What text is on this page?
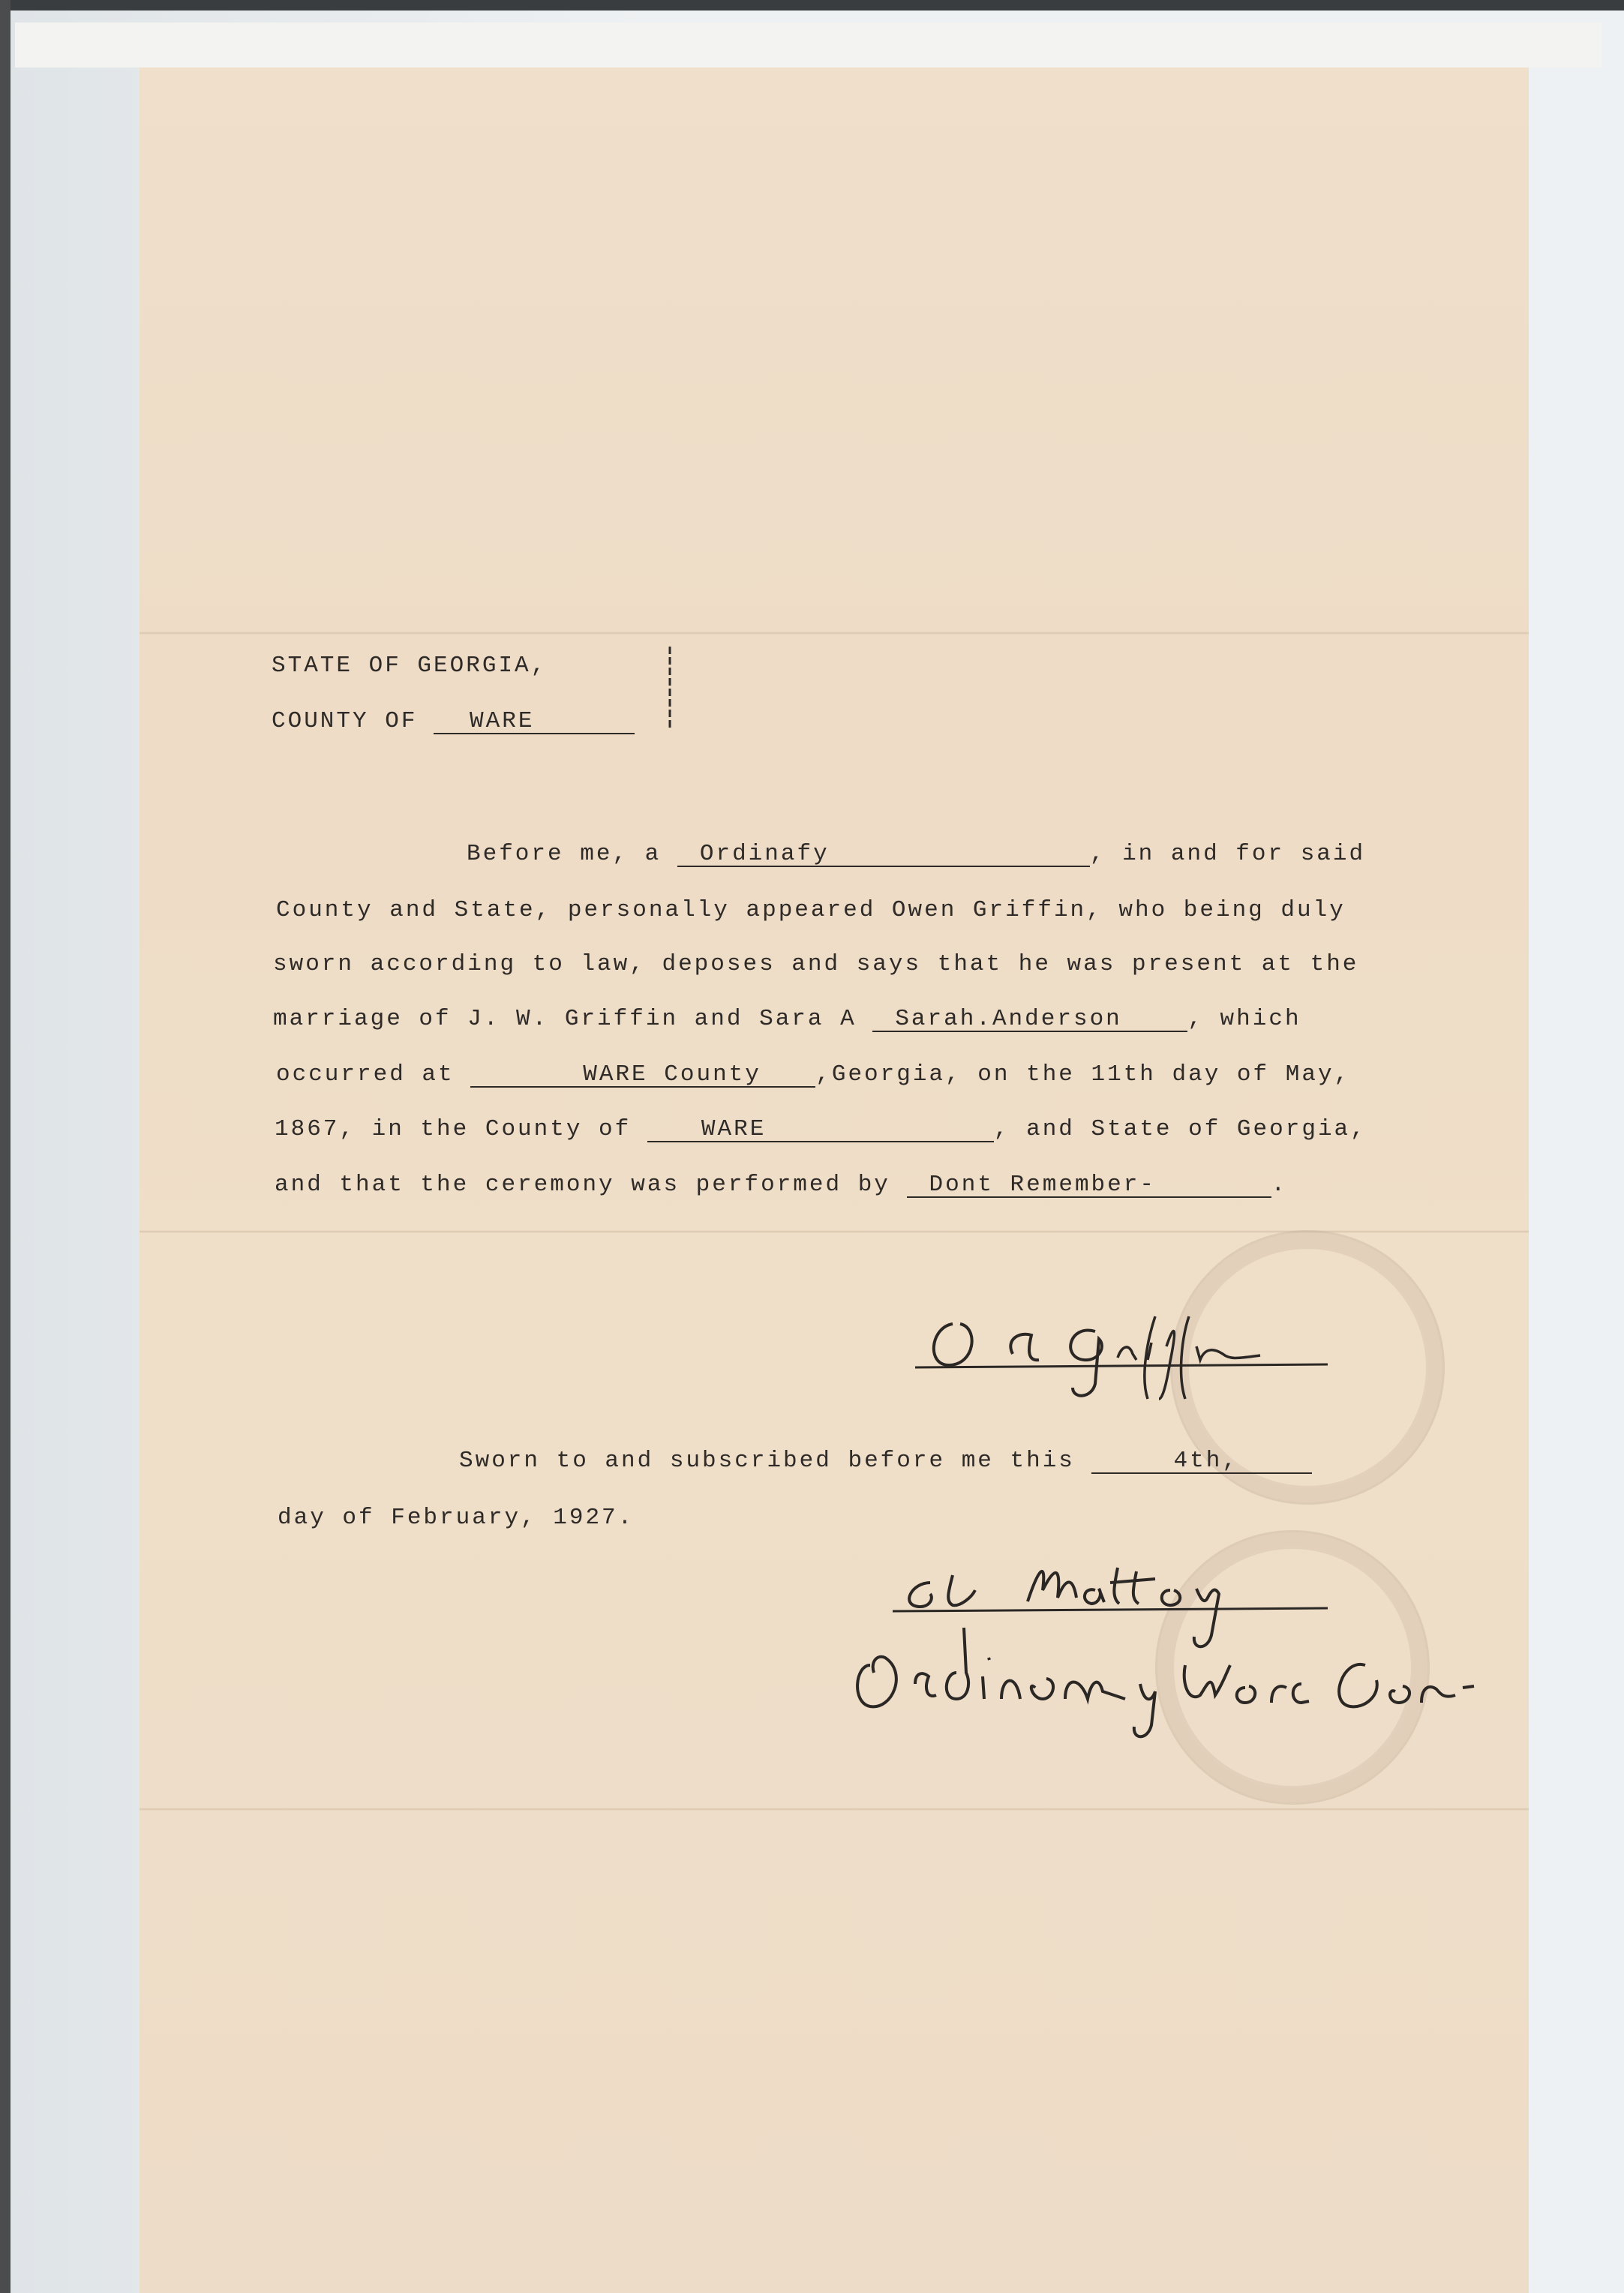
STATE OF GEORGIA,
COUNTY OF WARE
Before me, a Ordinafy	, in and for said
County and State, personally appeared Owen Griffin, who being duly
sworn according to law, deposes and says that he was present at the
marriage of J. W. Griffin and Sara A Sarah.Anderson	, which
occurred at	WARE County ,Georgia, on the 11th day of May,
1867, in the County of	WARE	, and State of Georgia,
and that the ceremony was performed by Dont Remember-	.
Sworn to and subscribed before me this	4th,
day of February, 1927.
